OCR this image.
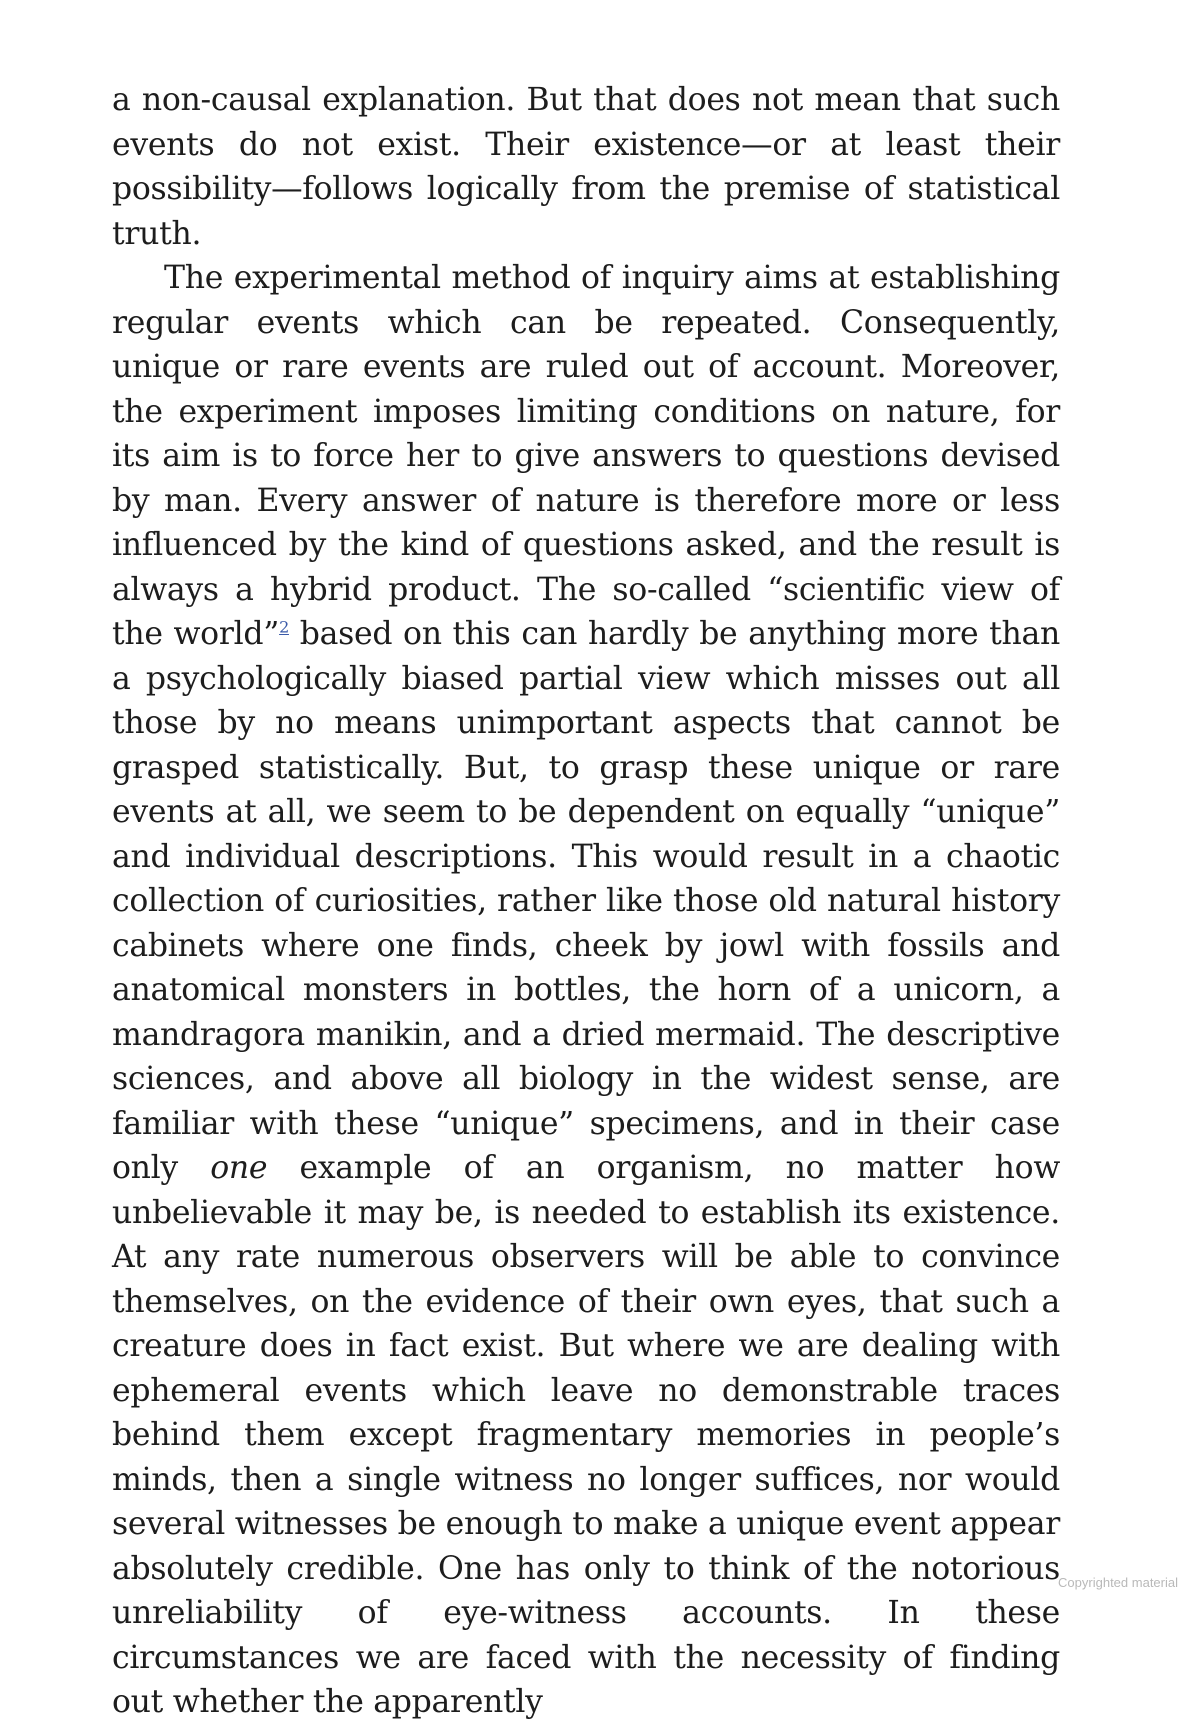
a non-causal explanation. But that does not mean that such events do not exist. Their existence—or at least their possibility—follows logically from the premise of statistical truth.

The experimental method of inquiry aims at establishing regular events which can be repeated. Consequently, unique or rare events are ruled out of account. Moreover, the experiment imposes limiting conditions on nature, for its aim is to force her to give answers to questions devised by man. Every answer of nature is therefore more or less influenced by the kind of questions asked, and the result is always a hybrid product. The so-called “scientific view of the world”$^2$ based on this can hardly be anything more than a psychologically biased partial view which misses out all those by no means unimportant aspects that cannot be grasped statistically. But, to grasp these unique or rare events at all, we seem to be dependent on equally “unique” and individual descriptions. This would result in a chaotic collection of curiosities, rather like those old natural history cabinets where one finds, cheek by jowl with fossils and anatomical monsters in bottles, the horn of a unicorn, a mandragora manikin, and a dried mermaid. The descriptive sciences, and above all biology in the widest sense, are familiar with these “unique” specimens, and in their case only one example of an organism, no matter how unbelievable it may be, is needed to establish its existence. At any rate numerous observers will be able to convince themselves, on the evidence of their own eyes, that such a creature does in fact exist. But where we are dealing with ephemeral events which leave no demonstrable traces behind them except fragmentary memories in people’s minds, then a single witness no longer suffices, nor would several witnesses be enough to make a unique event appear absolutely credible. One has only to think of the notorious unreliability of eye-witness accounts. In these circumstances we are faced with the necessity of finding out whether the apparently

Copyrighted material
